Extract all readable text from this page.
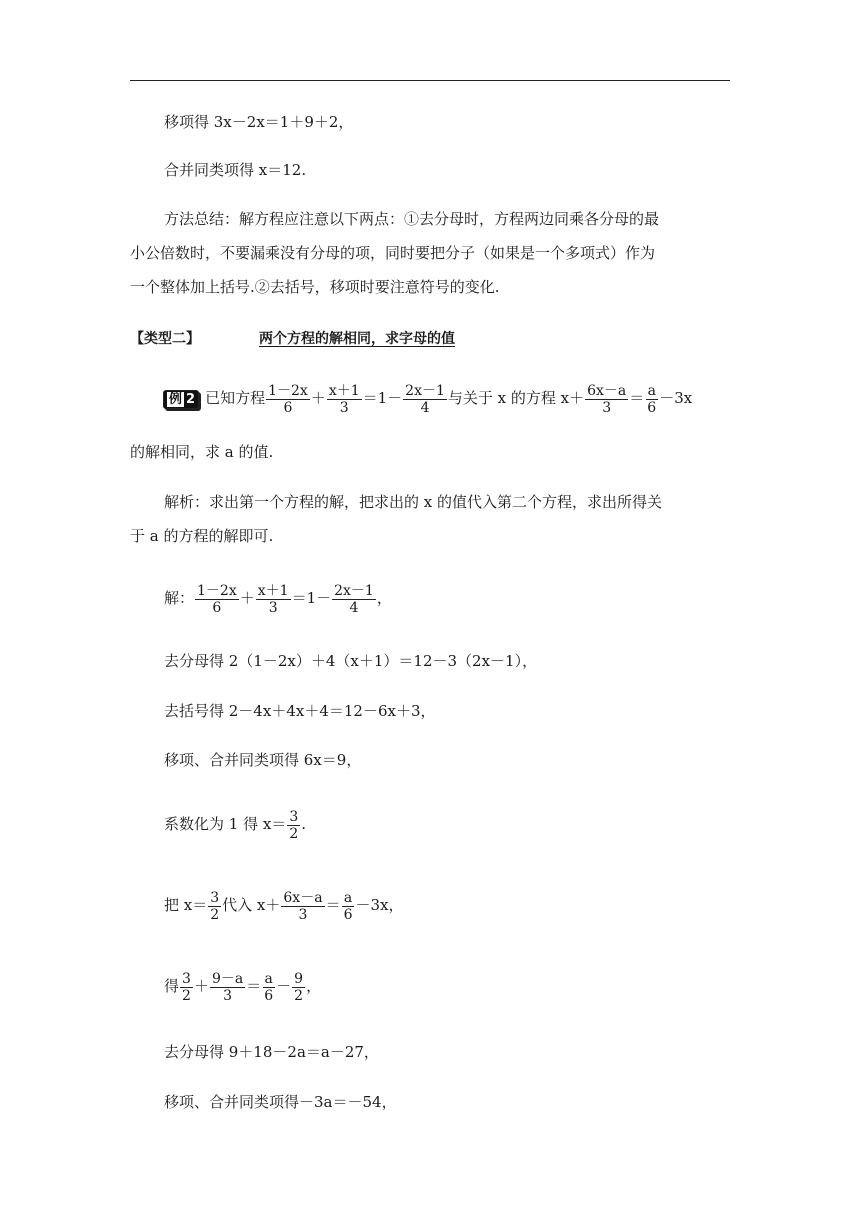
移项得 3x－2x＝1＋9＋2，
合并同类项得 x＝12.
方法总结：解方程应注意以下两点：①去分母时，方程两边同乘各分母的最
小公倍数时，不要漏乘没有分母的项，同时要把分子（如果是一个多项式）作为
一个整体加上括号.②去括号，移项时要注意符号的变化.
【类型二】	两个方程的解相同，求字母的值
例 2 已知方程 $\frac{1-2x}{6} + \frac{x+1}{3} =1- \frac{2x-1}{4}$ 与关于 x 的方程 $x+ \frac{6x-a}{3} = \frac{a}{6} -3x$
的解相同，求 a 的值.
解析：求出第一个方程的解，把求出的 x 的值代入第二个方程，求出所得关
于 a 的方程的解即可.
解： $\frac{1-2x}{6} + \frac{x+1}{3} =1- \frac{2x-1}{4}$ ，
去分母得 2（1－2x）＋4（x＋1）＝12－3（2x－1），
去括号得 2－4x＋4x＋4＝12－6x＋3，
移项、合并同类项得 6x＝9，
系数化为 1 得 $x= \frac{3}{2}$ .
把 $x= \frac{3}{2}$ 代入 $x+ \frac{6x-a}{3} = \frac{a}{6} -3x$，
得 $\frac{3}{2} + \frac{9-a}{3} = \frac{a}{6} - \frac{9}{2}$ ，
去分母得 9＋18－2a＝a－27，
移项、合并同类项得－3a＝－54，
